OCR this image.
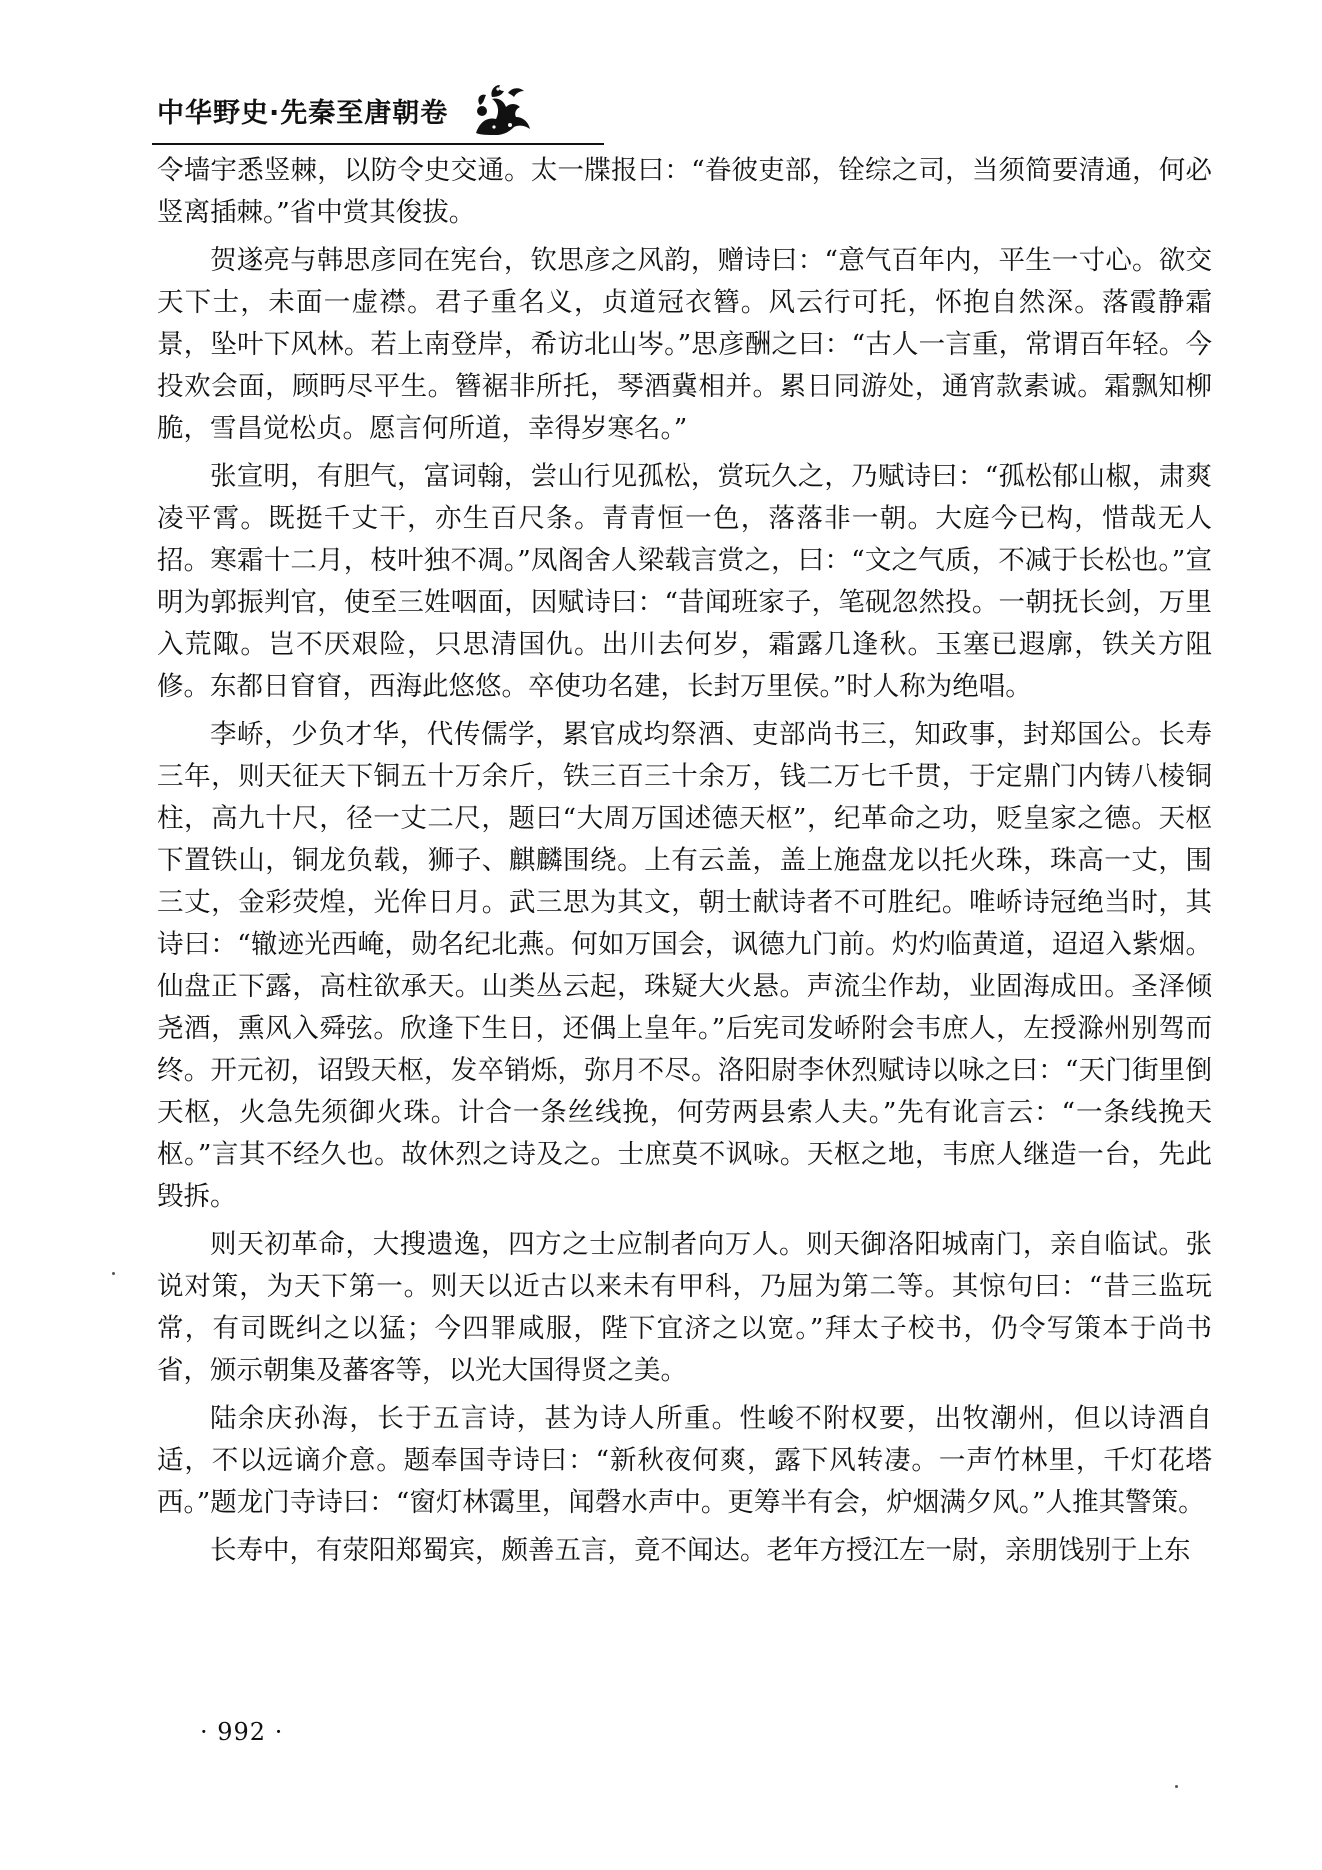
中华野史·先秦至唐朝卷

令墙宇悉竖棘，以防令史交通。太一牒报曰：“眷彼吏部，铨综之司，当须简要清通，何必竖离插棘。”省中赏其俊拔。

贺遂亮与韩思彦同在宪台，钦思彦之风韵，赠诗曰：“意气百年内，平生一寸心。欲交天下士，未面一虚襟。君子重名义，贞道冠衣簪。风云行可托，怀抱自然深。落霞静霜景，坠叶下风林。若上南登岸，希访北山岑。”思彦酬之曰：“古人一言重，常谓百年轻。今投欢会面，顾眄尽平生。簪裾非所托，琴酒冀相并。累日同游处，通宵款素诚。霜飘知柳脆，雪昌觉松贞。愿言何所道，幸得岁寒名。”

张宣明，有胆气，富词翰，尝山行见孤松，赏玩久之，乃赋诗曰：“孤松郁山椒，肃爽凌平霄。既挺千丈干，亦生百尺条。青青恒一色，落落非一朝。大庭今已构，惜哉无人招。寒霜十二月，枝叶独不凋。”凤阁舍人梁载言赏之，曰：“文之气质，不减于长松也。”宣明为郭振判官，使至三姓咽面，因赋诗曰：“昔闻班家子，笔砚忽然投。一朝抚长剑，万里入荒陬。岂不厌艰险，只思清国仇。出川去何岁，霜露几逢秋。玉塞已遐廓，铁关方阻修。东都日窅窅，西海此悠悠。卒使功名建，长封万里侯。”时人称为绝唱。

李峤，少负才华，代传儒学，累官成均祭酒、吏部尚书三，知政事，封郑国公。长寿三年，则天征天下铜五十万余斤，铁三百三十余万，钱二万七千贯，于定鼎门内铸八棱铜柱，高九十尺，径一丈二尺，题曰“大周万国述德天枢”，纪革命之功，贬皇家之德。天枢下置铁山，铜龙负载，狮子、麒麟围绕。上有云盖，盖上施盘龙以托火珠，珠高一丈，围三丈，金彩荧煌，光侔日月。武三思为其文，朝士献诗者不可胜纪。唯峤诗冠绝当时，其诗曰：“辙迹光西崦，勋名纪北燕。何如万国会，讽德九门前。灼灼临黄道，迢迢入紫烟。仙盘正下露，高柱欲承天。山类丛云起，珠疑大火悬。声流尘作劫，业固海成田。圣泽倾尧酒，熏风入舜弦。欣逢下生日，还偶上皇年。”后宪司发峤附会韦庶人，左授滁州别驾而终。开元初，诏毁天枢，发卒销烁，弥月不尽。洛阳尉李休烈赋诗以咏之曰：“天门街里倒天枢，火急先须御火珠。计合一条丝线挽，何劳两县索人夫。”先有讹言云：“一条线挽天枢。”言其不经久也。故休烈之诗及之。士庶莫不讽咏。天枢之地，韦庶人继造一台，先此毁拆。

则天初革命，大搜遗逸，四方之士应制者向万人。则天御洛阳城南门，亲自临试。张说对策，为天下第一。则天以近古以来未有甲科，乃屈为第二等。其惊句曰：“昔三监玩常，有司既纠之以猛；今四罪咸服，陛下宜济之以宽。”拜太子校书，仍令写策本于尚书省，颁示朝集及蕃客等，以光大国得贤之美。

陆余庆孙海，长于五言诗，甚为诗人所重。性峻不附权要，出牧潮州，但以诗酒自适，不以远谪介意。题奉国寺诗曰：“新秋夜何爽，露下风转凄。一声竹林里，千灯花塔西。”题龙门寺诗曰：“窗灯林霭里，闻磬水声中。更筹半有会，炉烟满夕风。”人推其警策。

长寿中，有荥阳郑蜀宾，颇善五言，竟不闻达。老年方授江左一尉，亲朋饯别于上东

· 992 ·
